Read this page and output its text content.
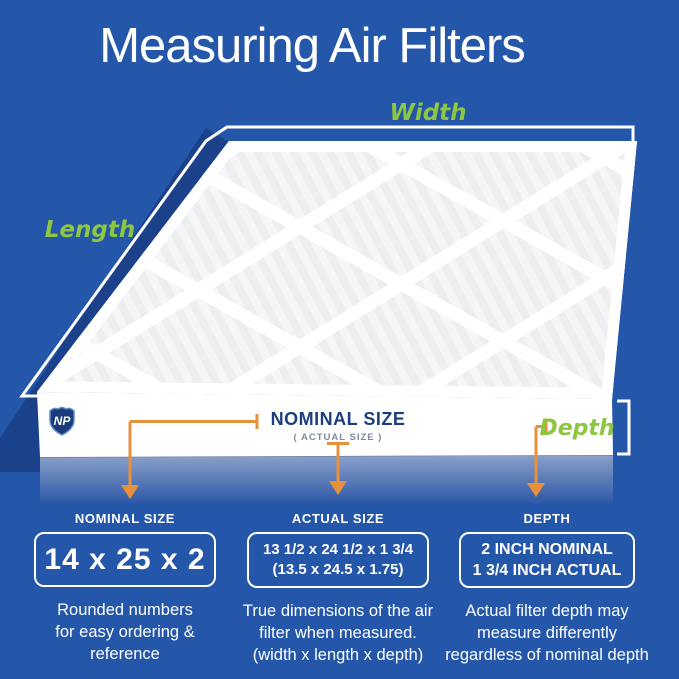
NP
Measuring Air Filters
Width
Length
Depth
NOMINAL SIZE
( ACTUAL SIZE )
NOMINAL SIZE
14 x 25 x 2
Rounded numbers
for easy ordering & reference
ACTUAL SIZE
13 1/2 x 24 1/2 x 1 3/4
(13.5 x 24.5 x 1.75)
True dimensions of the air
filter when measured.
(width x length x depth)
DEPTH
2 INCH NOMINAL
1 3/4 INCH ACTUAL
Actual filter depth may
measure differently
regardless of nominal depth
